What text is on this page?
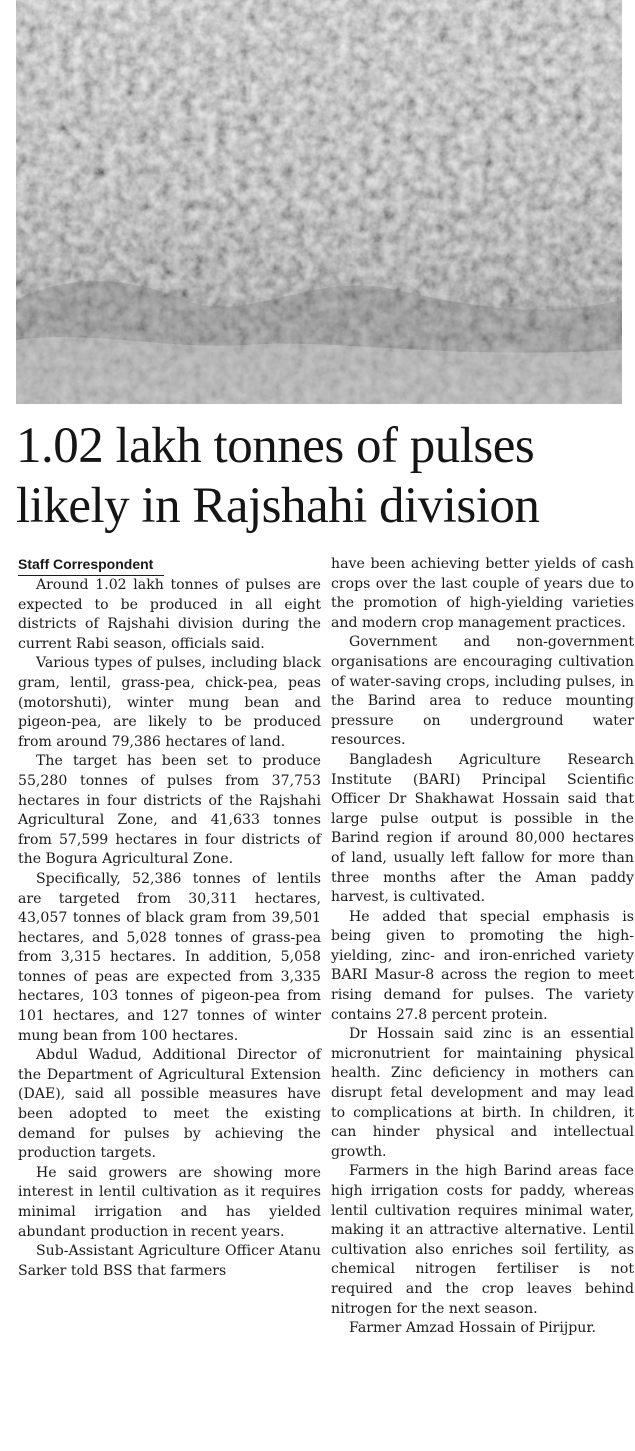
1.02 lakh tonnes of pulses
likely in Rajshahi division
Staff Correspondent

Around 1.02 lakh tonnes of pulses are expected to be produced in all eight districts of Rajshahi division during the current Rabi season, officials said.

Various types of pulses, including black gram, lentil, grass-pea, chick-pea, peas (motorshuti), winter mung bean and pigeon-pea, are likely to be produced from around 79,386 hectares of land.

The target has been set to produce 55,280 tonnes of pulses from 37,753 hectares in four districts of the Rajshahi Agricultural Zone, and 41,633 tonnes from 57,599 hectares in four districts of the Bogura Agricultural Zone.

Specifically, 52,386 tonnes of lentils are targeted from 30,311 hectares, 43,057 tonnes of black gram from 39,501 hectares, and 5,028 tonnes of grass-pea from 3,315 hectares. In addition, 5,058 tonnes of peas are expected from 3,335 hectares, 103 tonnes of pigeon-pea from 101 hectares, and 127 tonnes of winter mung bean from 100 hectares.

Abdul Wadud, Additional Director of the Department of Agricultural Extension (DAE), said all possible measures have been adopted to meet the existing demand for pulses by achieving the production targets.

He said growers are showing more interest in lentil cultivation as it requires minimal irrigation and has yielded abundant production in recent years.

Sub-Assistant Agriculture Officer Atanu Sarker told BSS that farmers

have been achieving better yields of cash crops over the last couple of years due to the promotion of high-yielding varieties and modern crop management practices.

Government and non-government organisations are encouraging cultivation of water-saving crops, including pulses, in the Barind area to reduce mounting pressure on underground water resources.

Bangladesh Agriculture Research Institute (BARI) Principal Scientific Officer Dr Shakhawat Hossain said that large pulse output is possible in the Barind region if around 80,000 hectares of land, usually left fallow for more than three months after the Aman paddy harvest, is cultivated.

He added that special emphasis is being given to promoting the high-yielding, zinc- and iron-enriched variety BARI Masur-8 across the region to meet rising demand for pulses. The variety contains 27.8 percent protein.

Dr Hossain said zinc is an essential micronutrient for maintaining physical health. Zinc deficiency in mothers can disrupt fetal development and may lead to complications at birth. In children, it can hinder physical and intellectual growth.

Farmers in the high Barind areas face high irrigation costs for paddy, whereas lentil cultivation requires minimal water, making it an attractive alternative. Lentil cultivation also enriches soil fertility, as chemical nitrogen fertiliser is not required and the crop leaves behind nitrogen for the next season.

Farmer Amzad Hossain of Pirijpur.
